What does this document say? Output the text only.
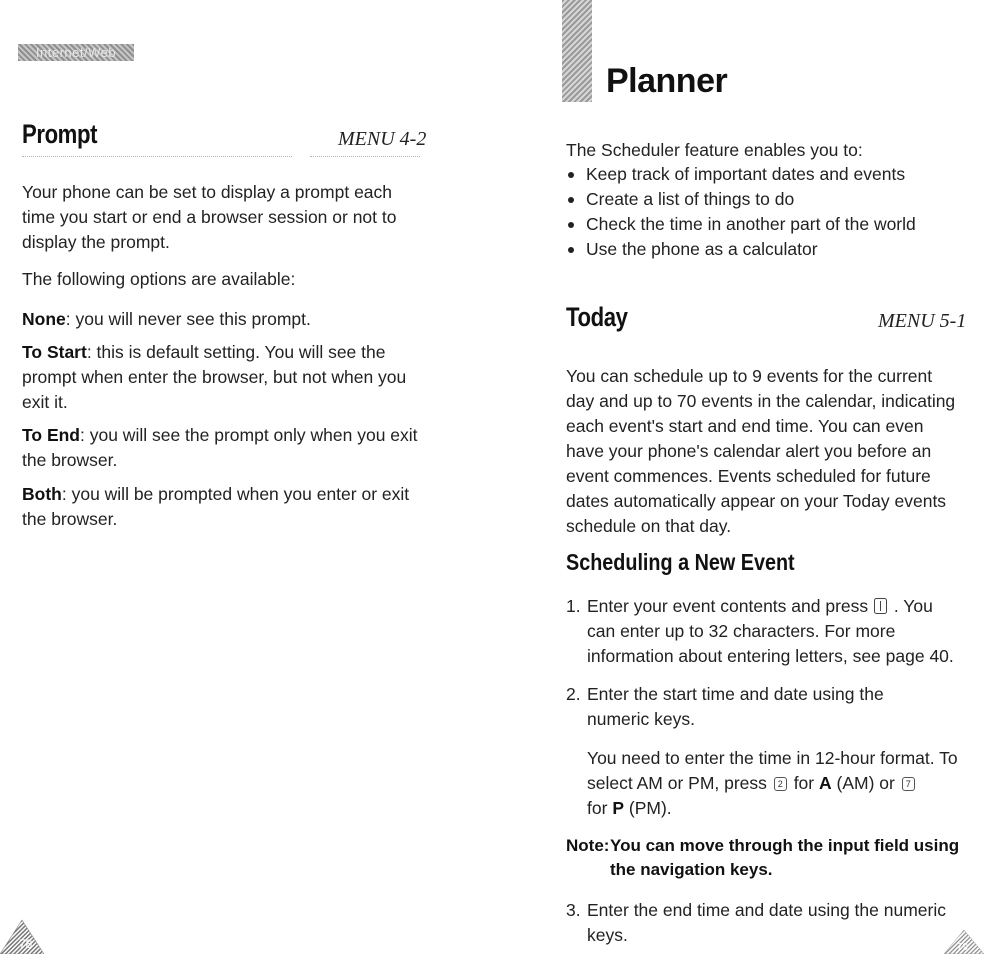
Internet/Web
Prompt	MENU 4-2
Your phone can be set to display a prompt each time you start or end a browser session or not to display the prompt.
The following options are available:
None: you will never see this prompt.
To Start: this is default setting. You will see the prompt when enter the browser, but not when you exit it.
To End: you will see the prompt only when you exit the browser.
Both: you will be prompted when you enter or exit the browser.
78
Planner
The Scheduler feature enables you to:
Keep track of important dates and events
Create a list of things to do
Check the time in another part of the world
Use the phone as a calculator
Today	MENU 5-1
You can schedule up to 9 events for the current day and up to 70 events in the calendar, indicating each event's start and end time. You can even have your phone's calendar alert you before an event commences. Events scheduled for future dates automatically appear on your Today events schedule on that day.
Scheduling a New Event
1. Enter your event contents and press . You can enter up to 32 characters. For more information about entering letters, see page 40.
2. Enter the start time and date using the numeric keys.
You need to enter the time in 12-hour format. To
select AM or PM, press 2 for A (AM) or 7
for P (PM).
Note: You can move through the input field using the navigation keys.
3. Enter the end time and date using the numeric keys.
79
